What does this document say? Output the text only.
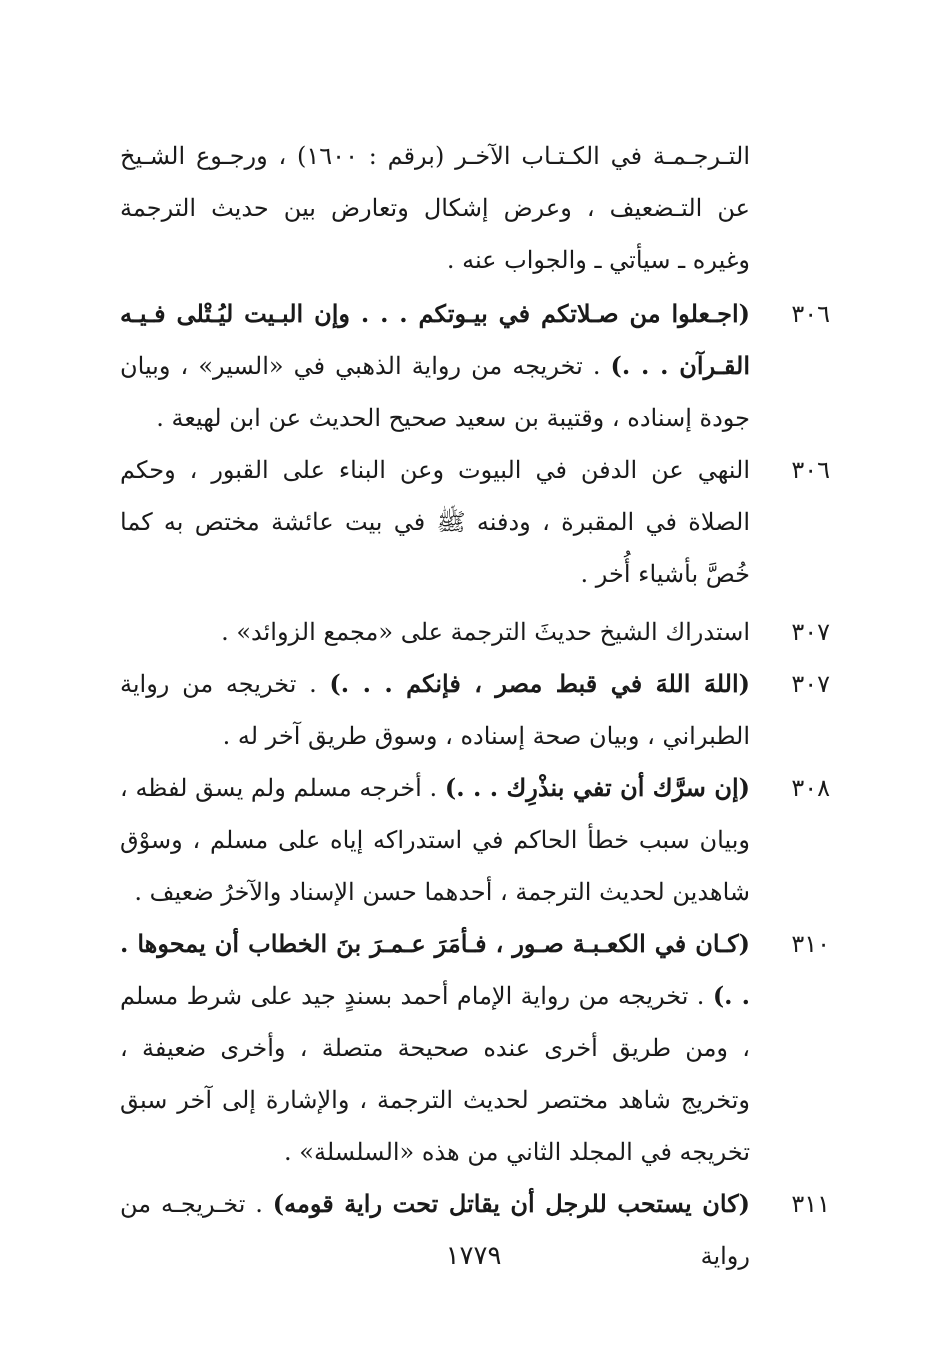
التـرجـمـة في الكـتـاب الآخـر (برقم : ١٦٠٠) ، ورجـوع الشـيخ عن التـضعيف ، وعرض إشكال وتعارض بين حديث الترجمة وغيره ـ سيأتي ـ والجواب عنه .
٣٠٦
(اجـعلوا من صـلاتكم في بيـوتكم . . . وإن البـيت ليُـتْلى فـيـه القـرآن . . .) . تخريجه من رواية الذهبي في «السير» ، وبيان جودة إسناده ، وقتيبة بن سعيد صحيح الحديث عن ابن لهيعة .
٣٠٦
النهي عن الدفن في البيوت وعن البناء على القبور ، وحكم الصلاة في المقبرة ، ودفنه ﷺ في بيت عائشة مختص به كما خُصَّ بأشياء أُخر .
٣٠٧
استدراك الشيخ حديثَ الترجمة على «مجمع الزوائد» .
٣٠٧
(اللهَ اللهَ في قبط مصر ، فإنكم . . .) . تخريجه من رواية الطبراني ، وبيان صحة إسناده ، وسوق طريق آخر له .
٣٠٨
(إن سرَّك أن تفي بنذْرِك . . .) . أخرجه مسلم ولم يسق لفظه ، وبيان سبب خطأ الحاكم في استدراكه إياه على مسلم ، وسوْق شاهدين لحديث الترجمة ، أحدهما حسن الإسناد والآخرُ ضعيف .
٣١٠
(كـان في الكعـبـة صـور ، فـأمَرَ عـمـرَ بنَ الخطاب أن يمحوها . . .) . تخريجه من رواية الإمام أحمد بسندٍ جيد على شرط مسلم ، ومن طريق أخرى عنده صحيحة متصلة ، وأخرى ضعيفة ، وتخريج شاهد مختصر لحديث الترجمة ، والإشارة إلى آخر سبق تخريجه في المجلد الثاني من هذه «السلسلة» .
٣١١
(كان يستحب للرجل أن يقاتل تحت راية قومه) . تخـريجـه من رواية
١٧٧٩
